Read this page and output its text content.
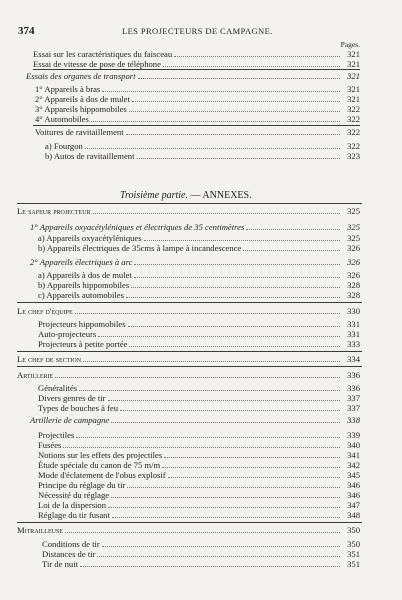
374	LES PROJECTEURS DE CAMPAGNE.
Pages.
Essai sur les caractéristiques du faisceau	321
Essai de vitesse de pose de téléphone	321
Essais des organes de transport	321
1° Appareils à bras	321
2° Appareils à dos de mulet	321
3° Appareils hippomobiles	322
4° Automobiles	322
Voitures de ravitaillement	322
a) Fourgon	322
b) Autos de ravitaillement	323
Troisième partie. — ANNEXES.
Le sapeur projecteur	325
1° Appareils oxyacétyléniques et électriques de 35 centimètres	325
a) Appareils oxyacétyléniques	325
b) Appareils électriques de 35cms à lampe à incandescence	326
2° Appareils électriques à arc	326
a) Appareils à dos de mulet	326
b) Appareils hippomobiles	328
c) Appareils automobiles	328
Le chef d'équipe	330
Projecteurs hippomobiles	331
Auto-projecteurs	331
Projecteurs à petite portée	333
Le chef de section	334
Artillerie	336
Généralités	336
Divers genres de tir	337
Types de bouches à feu	337
Artillerie de campagne	338
Projectiles	339
Fusées	340
Notions sur les effets des projectiles	341
Étude spéciale du canon de 75 m/m	342
Mode d'éclatement de l'obus explosif	345
Principe du réglage du tir	346
Nécessité du réglage	346
Loi de la dispersion	347
Réglage du tir fusant	348
Mitrailleuse	350
Conditions de tir	350
Distances de tir	351
Tir de nuit	351
